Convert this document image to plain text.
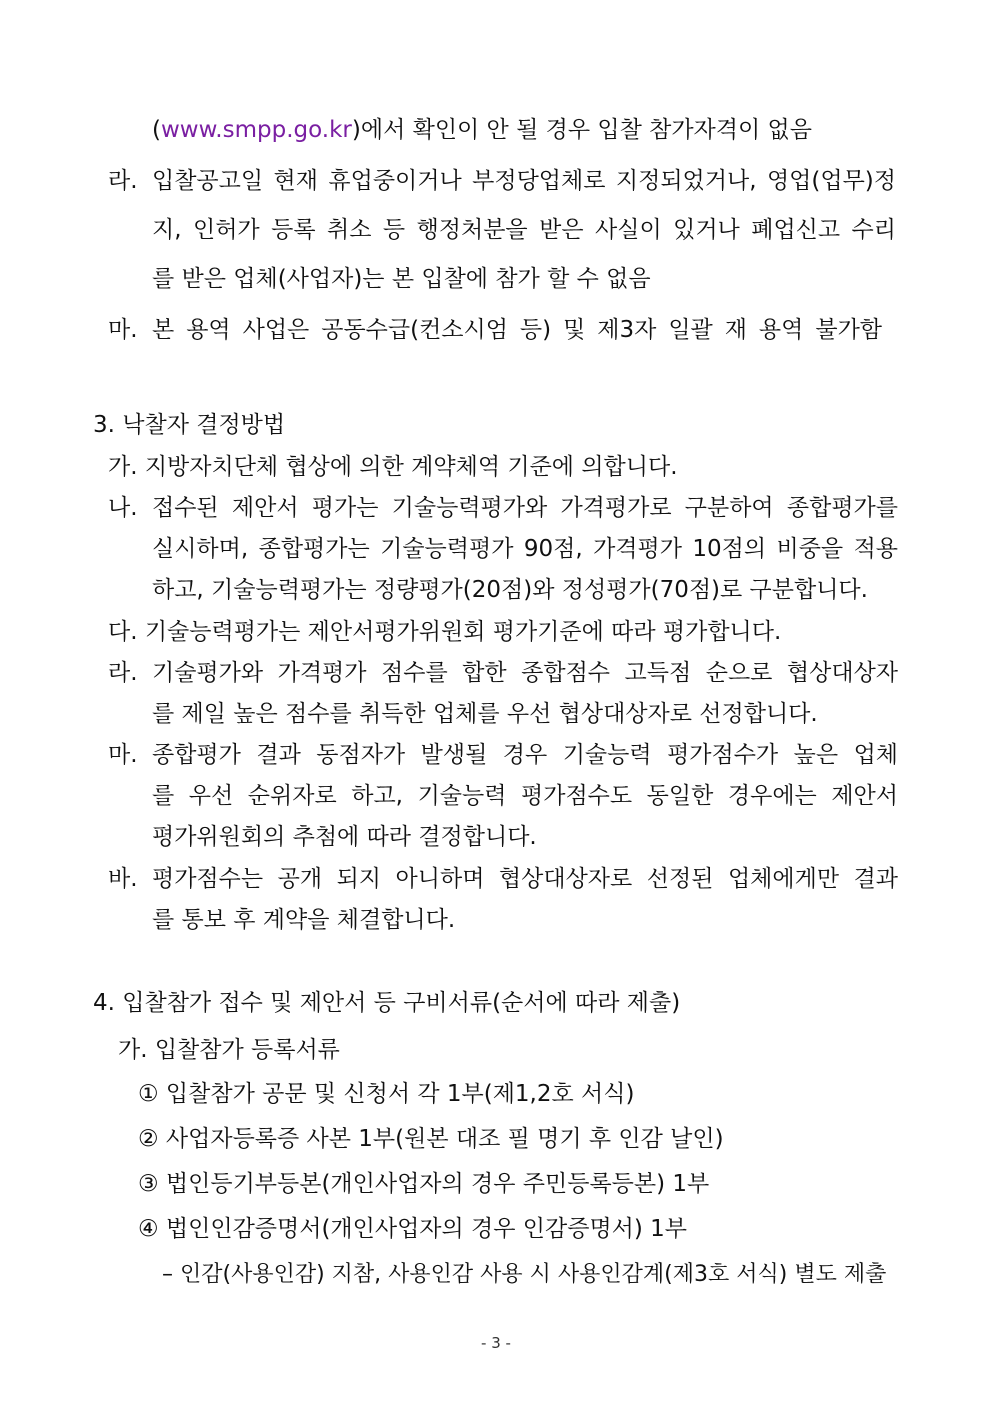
(www.smpp.go.kr)에서 확인이 안 될 경우 입찰 참가자격이 없음
라. 입찰공고일 현재 휴업중이거나 부정당업체로 지정되었거나, 영업(업무)정
지, 인허가 등록 취소 등 행정처분을 받은 사실이 있거나 폐업신고 수리
를 받은 업체(사업자)는 본 입찰에 참가 할 수 없음
마. 본 용역 사업은 공동수급(컨소시엄 등) 및 제3자 일괄 재 용역 불가함
3. 낙찰자 결정방법
가. 지방자치단체 협상에 의한 계약체역 기준에 의합니다.
나. 접수된 제안서 평가는 기술능력평가와 가격평가로 구분하여 종합평가를
실시하며, 종합평가는 기술능력평가 90점, 가격평가 10점의 비중을 적용
하고, 기술능력평가는 정량평가(20점)와 정성평가(70점)로 구분합니다.
다. 기술능력평가는 제안서평가위원회 평가기준에 따라 평가합니다.
라. 기술평가와 가격평가 점수를 합한 종합점수 고득점 순으로 협상대상자
를 제일 높은 점수를 취득한 업체를 우선 협상대상자로 선정합니다.
마. 종합평가 결과 동점자가 발생될 경우 기술능력 평가점수가 높은 업체
를 우선 순위자로 하고, 기술능력 평가점수도 동일한 경우에는 제안서
평가위원회의 추첨에 따라 결정합니다.
바. 평가점수는 공개 되지 아니하며 협상대상자로 선정된 업체에게만 결과
를 통보 후 계약을 체결합니다.
4. 입찰참가 접수 및 제안서 등 구비서류(순서에 따라 제출)
가. 입찰참가 등록서류
① 입찰참가 공문 및 신청서 각 1부(제1,2호 서식)
② 사업자등록증 사본 1부(원본 대조 필 명기 후 인감 날인)
③ 법인등기부등본(개인사업자의 경우 주민등록등본) 1부
④ 법인인감증명서(개인사업자의 경우 인감증명서) 1부
– 인감(사용인감) 지참, 사용인감 사용 시 사용인감계(제3호 서식) 별도 제출
- 3 -
